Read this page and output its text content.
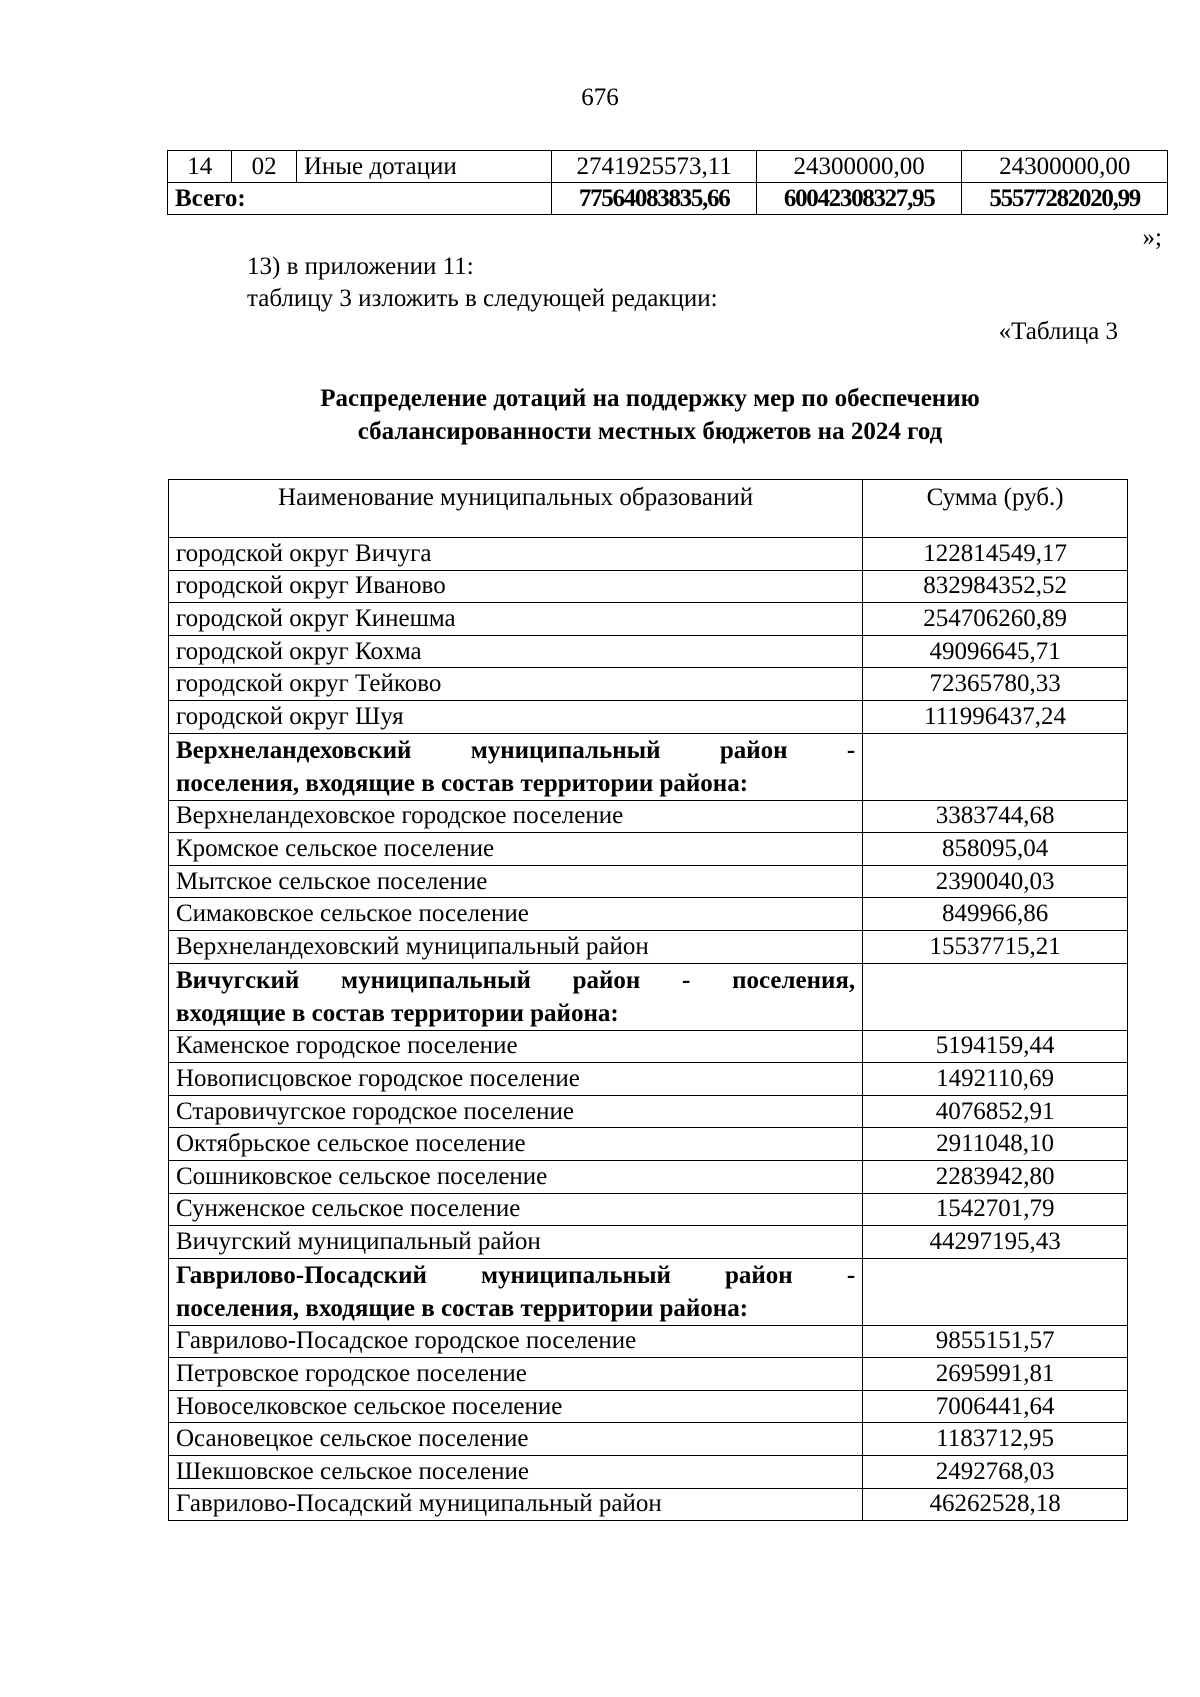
676
14	02	Иные дотации	2741925573,11	24300000,00	24300000,00
Всего:			77564083835,66	60042308327,95	55577282020,99
»;
13) в приложении 11:
таблицу 3 изложить в следующей редакции:
«Таблица 3
Распределение дотаций на поддержку мер по обеспечению
сбалансированности местных бюджетов на 2024 год
Наименование муниципальных образований	Сумма (руб.)
городской округ Вичуга	122814549,17
городской округ Иваново	832984352,52
городской округ Кинешма	254706260,89
городской округ Кохма	49096645,71
городской округ Тейково	72365780,33
городской округ Шуя	111996437,24

Верхнеландеховский муниципальный район -
поселения, входящие в состав территории района:	

Верхнеландеховское городское поселение	3383744,68
Кромское сельское поселение	858095,04
Мытское сельское поселение	2390040,03
Симаковское сельское поселение	849966,86
Верхнеландеховский муниципальный район	15537715,21

Вичугский муниципальный район - поселения,
входящие в состав территории района:	

Каменское городское поселение	5194159,44
Новописцовское городское поселение	1492110,69
Старовичугское городское поселение	4076852,91
Октябрьское сельское поселение	2911048,10
Сошниковское сельское поселение	2283942,80
Сунженское сельское поселение	1542701,79
Вичугский муниципальный район	44297195,43

Гаврилово-Посадский муниципальный район -
поселения, входящие в состав территории района:	

Гаврилово-Посадское городское поселение	9855151,57
Петровское городское поселение	2695991,81
Новоселковское сельское поселение	7006441,64
Осановецкое сельское поселение	1183712,95
Шекшовское сельское поселение	2492768,03
Гаврилово-Посадский муниципальный район	46262528,18
